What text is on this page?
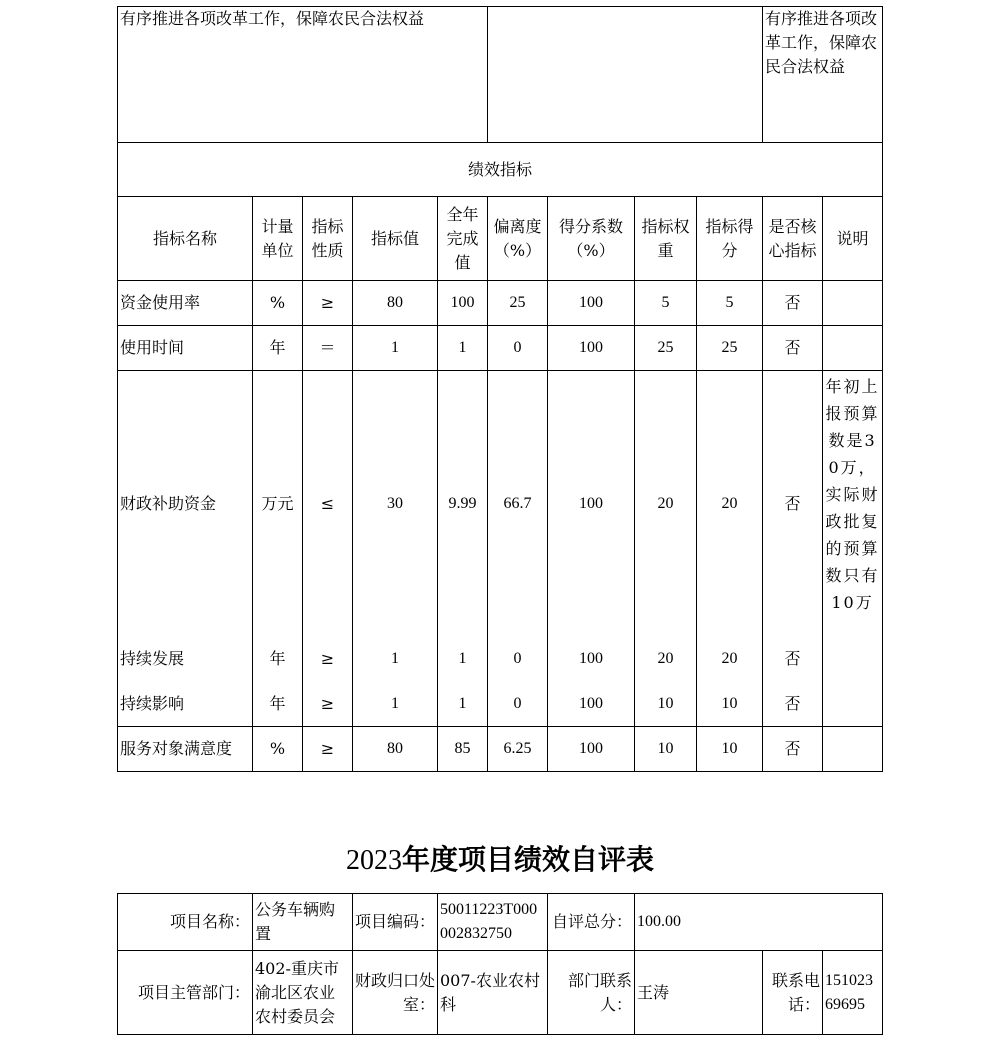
有序推进各项改革工作，保障农民合法权益									有序推进各项改革工作，保障农民合法权益	
绩效指标										
指标名称	计量单位	指标性质	指标值	全年完成值	偏离度（%）	得分系数（%）	指标权重	指标得分	是否核心指标	说明
资金使用率	%	≥	80	100	25	100	5	5	否	
使用时间	年	＝	1	1	0	100	25	25	否	
财政补助资金	万元	≤	30	9.99	66.7	100	20	20	否	年初上报预算数是30万，实际财政批复的预算数只有10万
持续发展	年	≥	1	1	0	100	20	20	否	
持续影响	年	≥	1	1	0	100	10	10	否	
服务对象满意度	%	≥	80	85	6.25	100	10	10	否	
2023年度项目绩效自评表
项目名称：	公务车辆购置	项目编码：	50011223T000002832750	自评总分：	100.00		
项目主管部门：	402-重庆市渝北区农业农村委员会	财政归口处室：	007-农业农村科	部门联系人：	王涛	联系电话：	15102369695
